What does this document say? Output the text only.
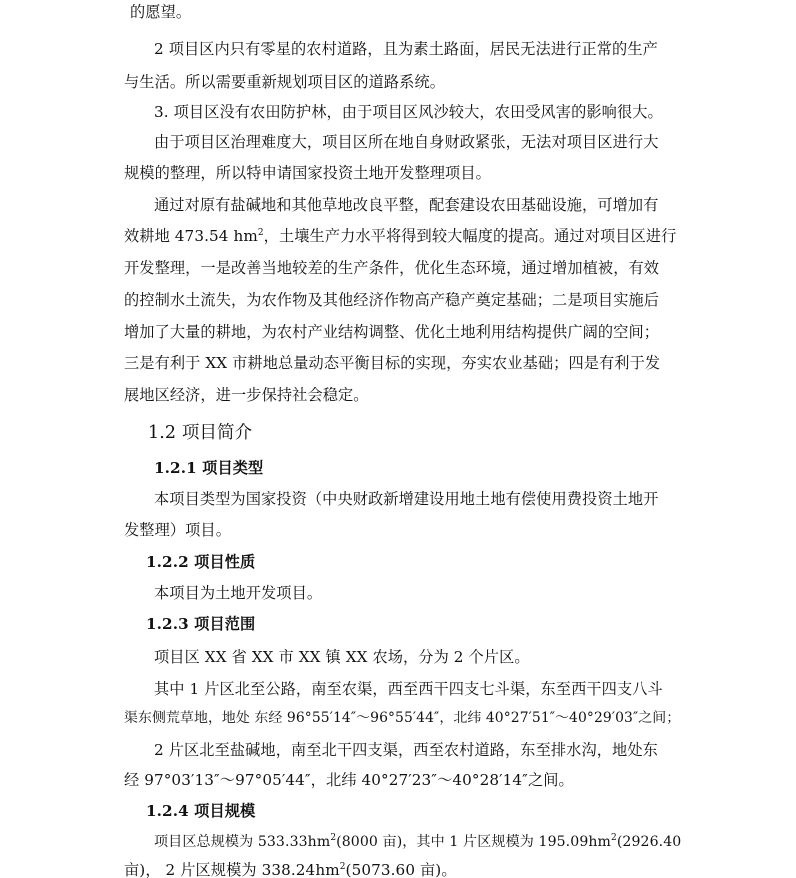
的愿望。

2 项目区内只有零星的农村道路，且为素土路面，居民无法进行正常的生产

与生活。所以需要重新规划项目区的道路系统。

3. 项目区没有农田防护林，由于项目区风沙较大，农田受风害的影响很大。

由于项目区治理难度大，项目区所在地自身财政紧张，无法对项目区进行大

规模的整理，所以特申请国家投资土地开发整理项目。

通过对原有盐碱地和其他草地改良平整，配套建设农田基础设施，可增加有

效耕地 473.54 $hm^2$，土壤生产力水平将得到较大幅度的提高。通过对项目区进行

开发整理，一是改善当地较差的生产条件，优化生态环境，通过增加植被，有效

的控制水土流失，为农作物及其他经济作物高产稳产奠定基础；二是项目实施后

增加了大量的耕地，为农村产业结构调整、优化土地利用结构提供广阔的空间；

三是有利于 XX 市耕地总量动态平衡目标的实现，夯实农业基础；四是有利于发

展地区经济，进一步保持社会稳定。

1.2 项目简介
1.2.1 项目类型

本项目类型为国家投资（中央财政新增建设用地土地有偿使用费投资土地开

发整理）项目。

1.2.2 项目性质

本项目为土地开发项目。

1.2.3 项目范围

项目区 XX 省 XX 市 XX 镇 XX 农场，分为 2 个片区。

其中 1 片区北至公路，南至农渠，西至西干四支七斗渠，东至西干四支八斗

渠东侧荒草地，地处 东经 96°55′14″～96°55′44″，北纬 40°27′51″～40°29′03″之间；

2 片区北至盐碱地，南至北干四支渠，西至农村道路，东至排水沟，地处东

经 97°03′13″～97°05′44″，北纬 40°27′23″～40°28′14″之间。

1.2.4 项目规模

项目区总规模为 $533.33hm^2(8000$ 亩)，其中 1 片区规模为 $195.09hm^2(2926.40$

亩)， 2 片区规模为 $338.24hm^2(5073.60$ 亩)。
